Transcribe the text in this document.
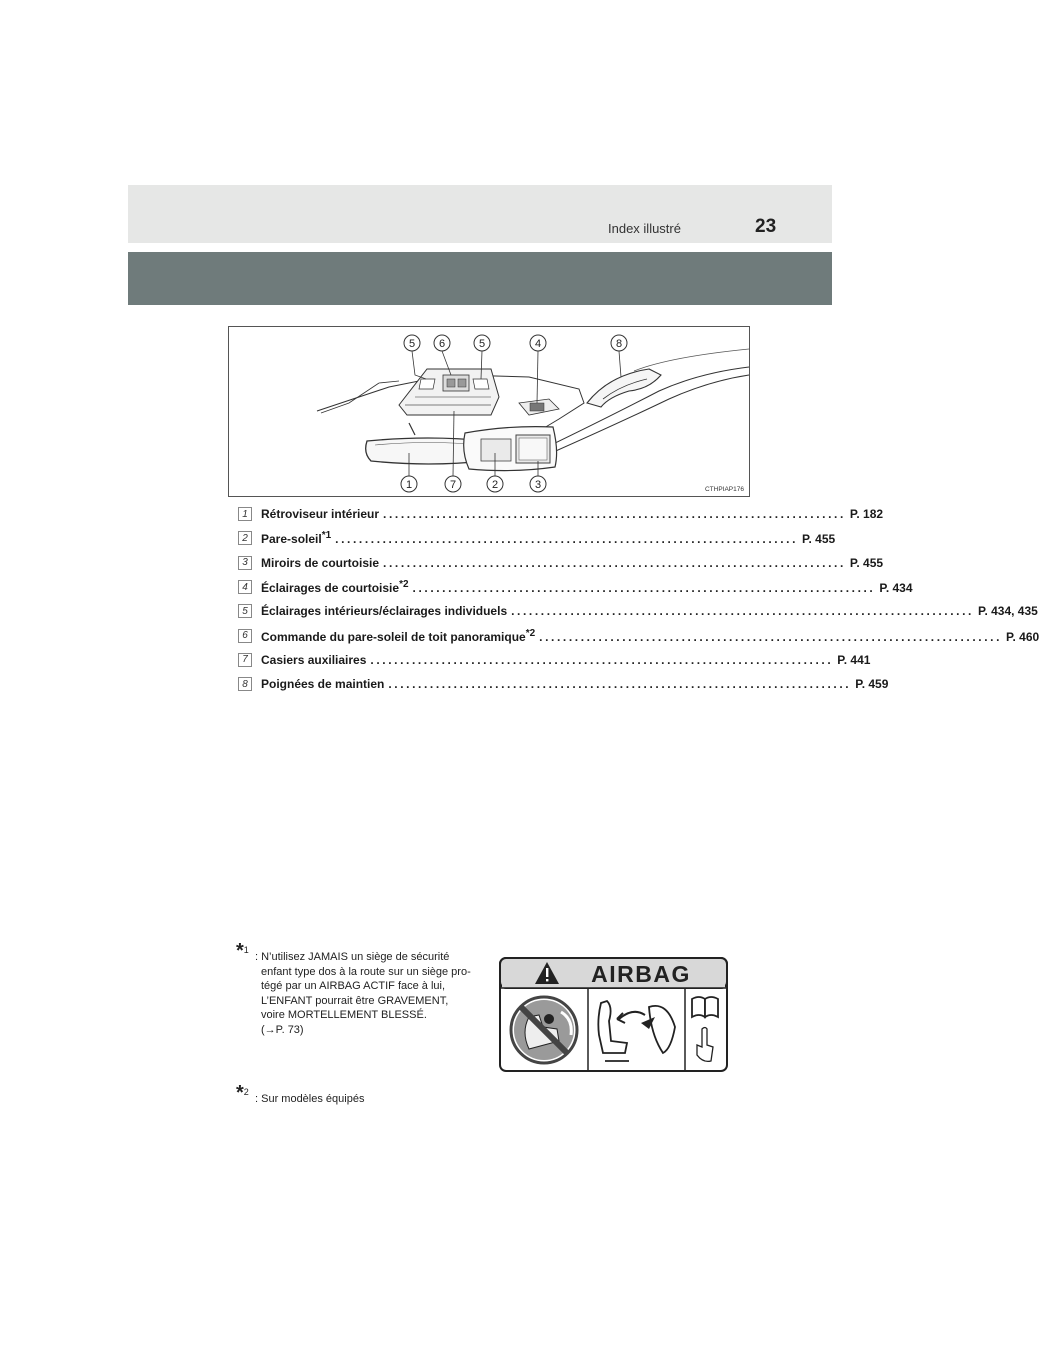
Index illustré	23
5 6	5	4	8
1	7	2	3	CTHPIAP176
1	Rétroviseur intérieur .............................................................................. P. 182
2	Pare-soleil$^{*1}$ .............................................................................. P. 455
3	Miroirs de courtoisie .............................................................................. P. 455
4	Éclairages de courtoisie$^{*2}$ .............................................................................. P. 434
5	Éclairages intérieurs/éclairages individuels .............................................................................. P. 434, 435
6	Commande du pare-soleil de toit panoramique$^{*2}$ .............................................................................. P. 460
7	Casiers auxiliaires .............................................................................. P. 441
8	Poignées de maintien .............................................................................. P. 459
*1
: N’utilisez JAMAIS un siège de sécurité
enfant type dos à la route sur un siège pro-
tégé par un AIRBAG ACTIF face à lui,
L’ENFANT pourrait être GRAVEMENT,
voire MORTELLEMENT BLESSÉ.
(→P. 73)
AIRBAG
*2
: Sur modèles équipés
